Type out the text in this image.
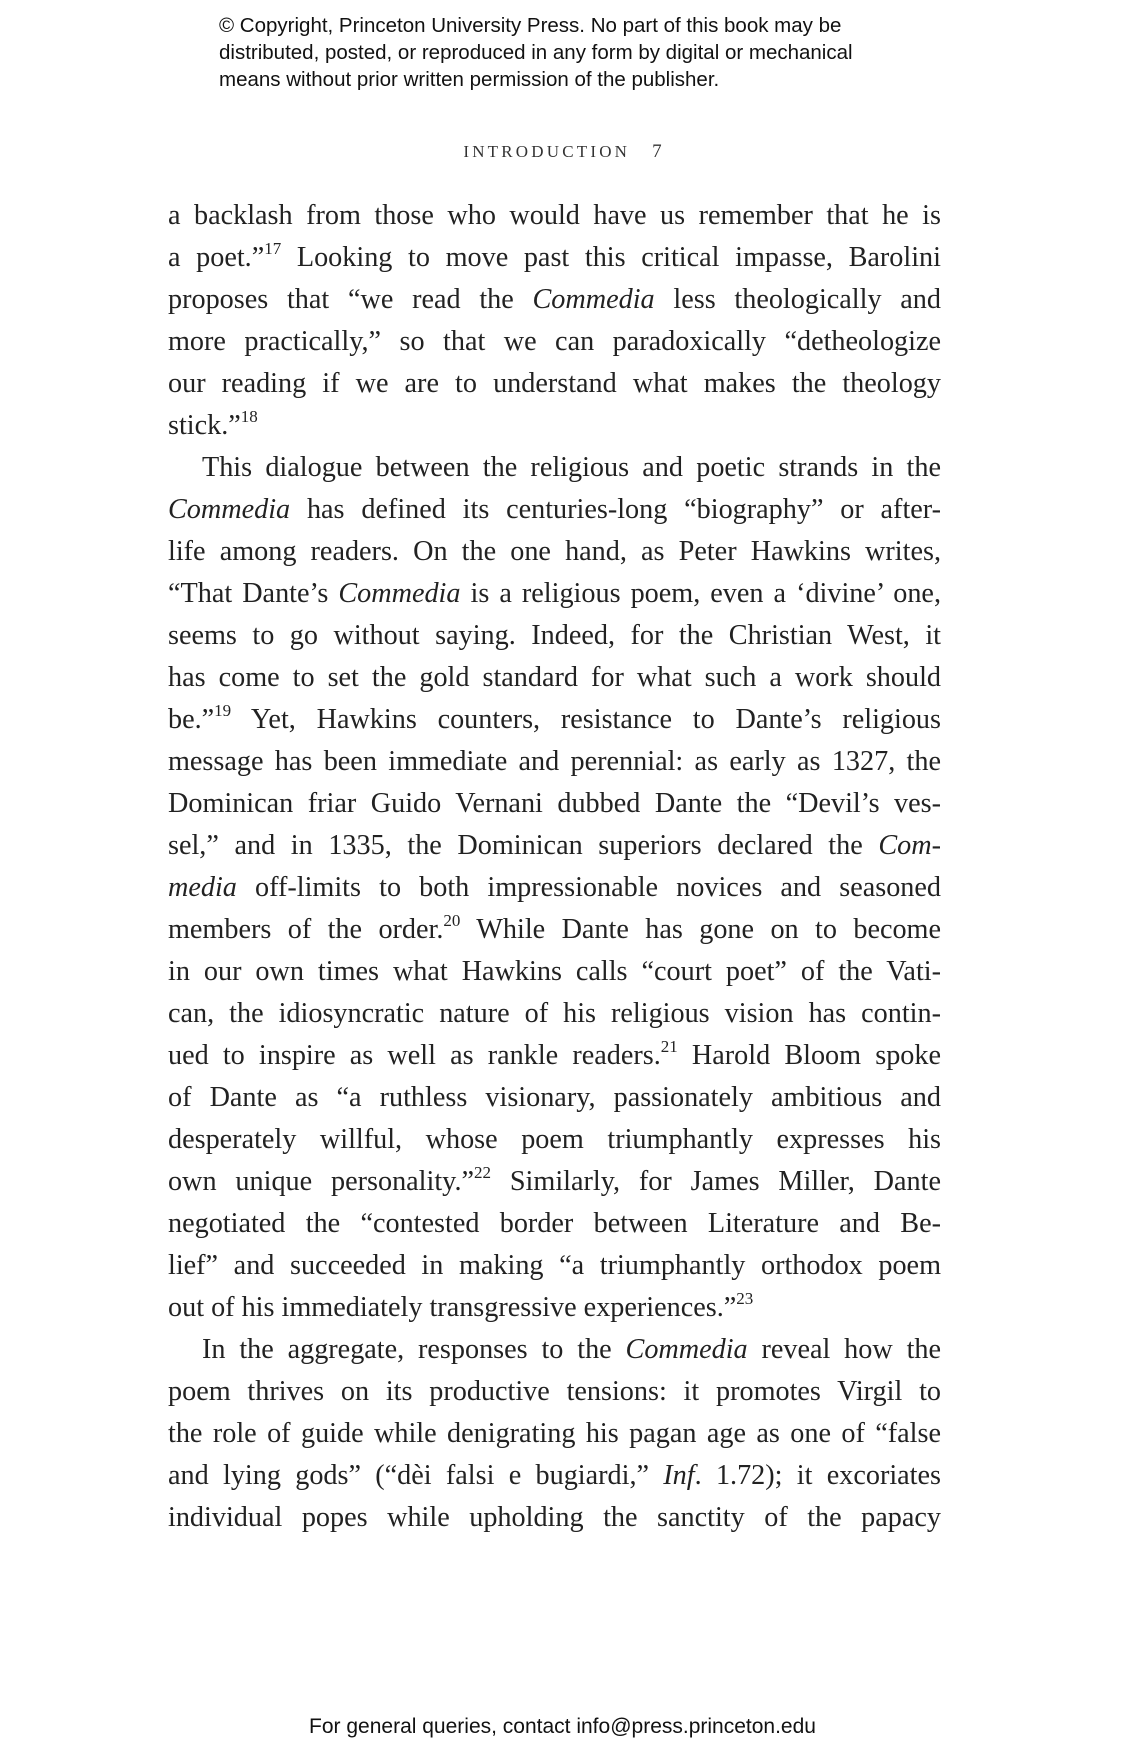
© Copyright, Princeton University Press. No part of this book may be
distributed, posted, or reproduced in any form by digital or mechanical
means without prior written permission of the publisher.
INTRODUCTION 7
a backlash from those who would have us remember that he is
a poet.”$^{17}$ Looking to move past this critical impasse, Barolini
proposes that “we read the Commedia less theologically and
more practically,” so that we can paradoxically “detheologize
our reading if we are to understand what makes the theology
stick.”$^{18}$
This dialogue between the religious and poetic strands in the
Commedia has defined its centuries-long “biography” or after-
life among readers. On the one hand, as Peter Hawkins writes,
“That Dante’s Commedia is a religious poem, even a ‘divine’ one,
seems to go without saying. Indeed, for the Christian West, it
has come to set the gold standard for what such a work should
be.”$^{19}$ Yet, Hawkins counters, resistance to Dante’s religious
message has been immediate and perennial: as early as 1327, the
Dominican friar Guido Vernani dubbed Dante the “Devil’s ves-
sel,” and in 1335, the Dominican superiors declared the Com-
media off-limits to both impressionable novices and seasoned
members of the order.$^{20}$ While Dante has gone on to become
in our own times what Hawkins calls “court poet” of the Vati-
can, the idiosyncratic nature of his religious vision has contin-
ued to inspire as well as rankle readers.$^{21}$ Harold Bloom spoke
of Dante as “a ruthless visionary, passionately ambitious and
desperately willful, whose poem triumphantly expresses his
own unique personality.”$^{22}$ Similarly, for James Miller, Dante
negotiated the “contested border between Literature and Be-
lief” and succeeded in making “a triumphantly orthodox poem
out of his immediately transgressive experiences.”$^{23}$
In the aggregate, responses to the Commedia reveal how the
poem thrives on its productive tensions: it promotes Virgil to
the role of guide while denigrating his pagan age as one of “false
and lying gods” (“dèi falsi e bugiardi,” Inf. 1.72); it excoriates
individual popes while upholding the sanctity of the papacy
For general queries, contact info@press.princeton.edu
